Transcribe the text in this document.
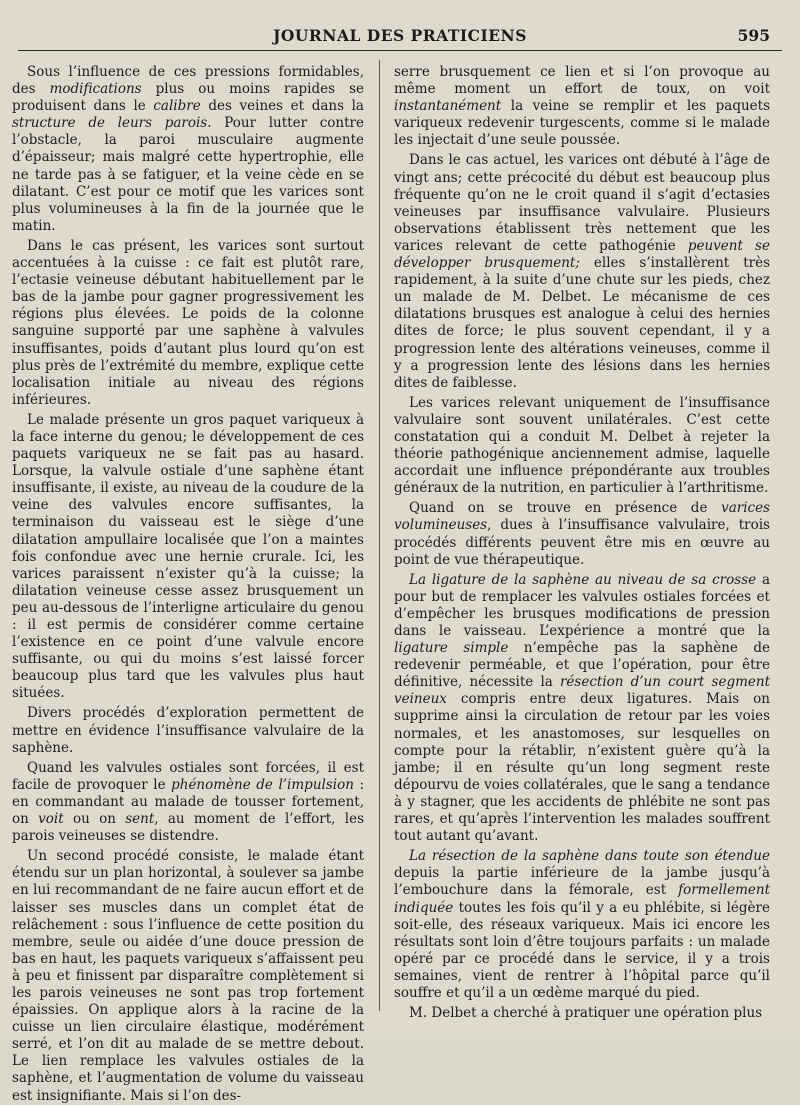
JOURNAL DES PRATICIENS	595

Sous l’influence de ces pressions formidables, des modifications plus ou moins rapides se produisent dans le calibre des veines et dans la structure de leurs parois. Pour lutter contre l’obstacle, la paroi musculaire augmente d’épaisseur; mais malgré cette hypertrophie, elle ne tarde pas à se fatiguer, et la veine cède en se dilatant. C’est pour ce motif que les varices sont plus volumineuses à la fin de la journée que le matin.

Dans le cas présent, les varices sont surtout accentuées à la cuisse : ce fait est plutôt rare, l’ectasie veineuse débutant habituellement par le bas de la jambe pour gagner progressivement les régions plus élevées. Le poids de la colonne sanguine supporté par une saphène à valvules insuffisantes, poids d’autant plus lourd qu’on est plus près de l’extrémité du membre, explique cette localisation initiale au niveau des régions inférieures.

Le malade présente un gros paquet variqueux à la face interne du genou; le développement de ces paquets variqueux ne se fait pas au hasard. Lorsque, la valvule ostiale d’une saphène étant insuffisante, il existe, au niveau de la coudure de la veine des valvules encore suffisantes, la terminaison du vaisseau est le siège d’une dilatation ampullaire localisée que l’on a maintes fois confondue avec une hernie crurale. Ici, les varices paraissent n’exister qu’à la cuisse; la dilatation veineuse cesse assez brusquement un peu au-dessous de l’interligne articulaire du genou : il est permis de considérer comme certaine l’existence en ce point d’une valvule encore suffisante, ou qui du moins s’est laissé forcer beaucoup plus tard que les valvules plus haut situées.

Divers procédés d’exploration permettent de mettre en évidence l’insuffisance valvulaire de la saphène.

Quand les valvules ostiales sont forcées, il est facile de provoquer le phénomène de l’impulsion : en commandant au malade de tousser fortement, on voit ou on sent, au moment de l’effort, les parois veineuses se distendre.

Un second procédé consiste, le malade étant étendu sur un plan horizontal, à soulever sa jambe en lui recommandant de ne faire aucun effort et de laisser ses muscles dans un complet état de relâchement : sous l’influence de cette position du membre, seule ou aidée d’une douce pression de bas en haut, les paquets variqueux s’affaissent peu à peu et finissent par disparaître complètement si les parois veineuses ne sont pas trop fortement épaissies. On applique alors à la racine de la cuisse un lien circulaire élastique, modérément serré, et l’on dit au malade de se mettre debout. Le lien remplace les valvules ostiales de la saphène, et l’augmentation de volume du vaisseau est insignifiante. Mais si l’on des-

serre brusquement ce lien et si l’on provoque au même moment un effort de toux, on voit instantanément la veine se remplir et les paquets variqueux redevenir turgescents, comme si le malade les injectait d’une seule poussée.

Dans le cas actuel, les varices ont débuté à l’âge de vingt ans; cette précocité du début est beaucoup plus fréquente qu’on ne le croit quand il s’agit d’ectasies veineuses par insuffisance valvulaire. Plusieurs observations établissent très nettement que les varices relevant de cette pathogénie peuvent se développer brusquement; elles s’installèrent très rapidement, à la suite d’une chute sur les pieds, chez un malade de M. Delbet. Le mécanisme de ces dilatations brusques est analogue à celui des hernies dites de force; le plus souvent cependant, il y a progression lente des altérations veineuses, comme il y a progression lente des lésions dans les hernies dites de faiblesse.

Les varices relevant uniquement de l’insuffisance valvulaire sont souvent unilatérales. C’est cette constatation qui a conduit M. Delbet à rejeter la théorie pathogénique anciennement admise, laquelle accordait une influence prépondérante aux troubles généraux de la nutrition, en particulier à l’arthritisme.

Quand on se trouve en présence de varices volumineuses, dues à l’insuffisance valvulaire, trois procédés différents peuvent être mis en œuvre au point de vue thérapeutique.

La ligature de la saphène au niveau de sa crosse a pour but de remplacer les valvules ostiales forcées et d’empêcher les brusques modifications de pression dans le vaisseau. L’expérience a montré que la ligature simple n’empêche pas la saphène de redevenir perméable, et que l’opération, pour être définitive, nécessite la résection d’un court segment veineux compris entre deux ligatures. Mais on supprime ainsi la circulation de retour par les voies normales, et les anastomoses, sur lesquelles on compte pour la rétablir, n’existent guère qu’à la jambe; il en résulte qu’un long segment reste dépourvu de voies collatérales, que le sang a tendance à y stagner, que les accidents de phlébite ne sont pas rares, et qu’après l’intervention les malades souffrent tout autant qu’avant.

La résection de la saphène dans toute son étendue depuis la partie inférieure de la jambe jusqu’à l’embouchure dans la fémorale, est formellement indiquée toutes les fois qu’il y a eu phlébite, si légère soit-elle, des réseaux variqueux. Mais ici encore les résultats sont loin d’être toujours parfaits : un malade opéré par ce procédé dans le service, il y a trois semaines, vient de rentrer à l’hôpital parce qu’il souffre et qu’il a un œdème marqué du pied.

M. Delbet a cherché à pratiquer une opération plus
